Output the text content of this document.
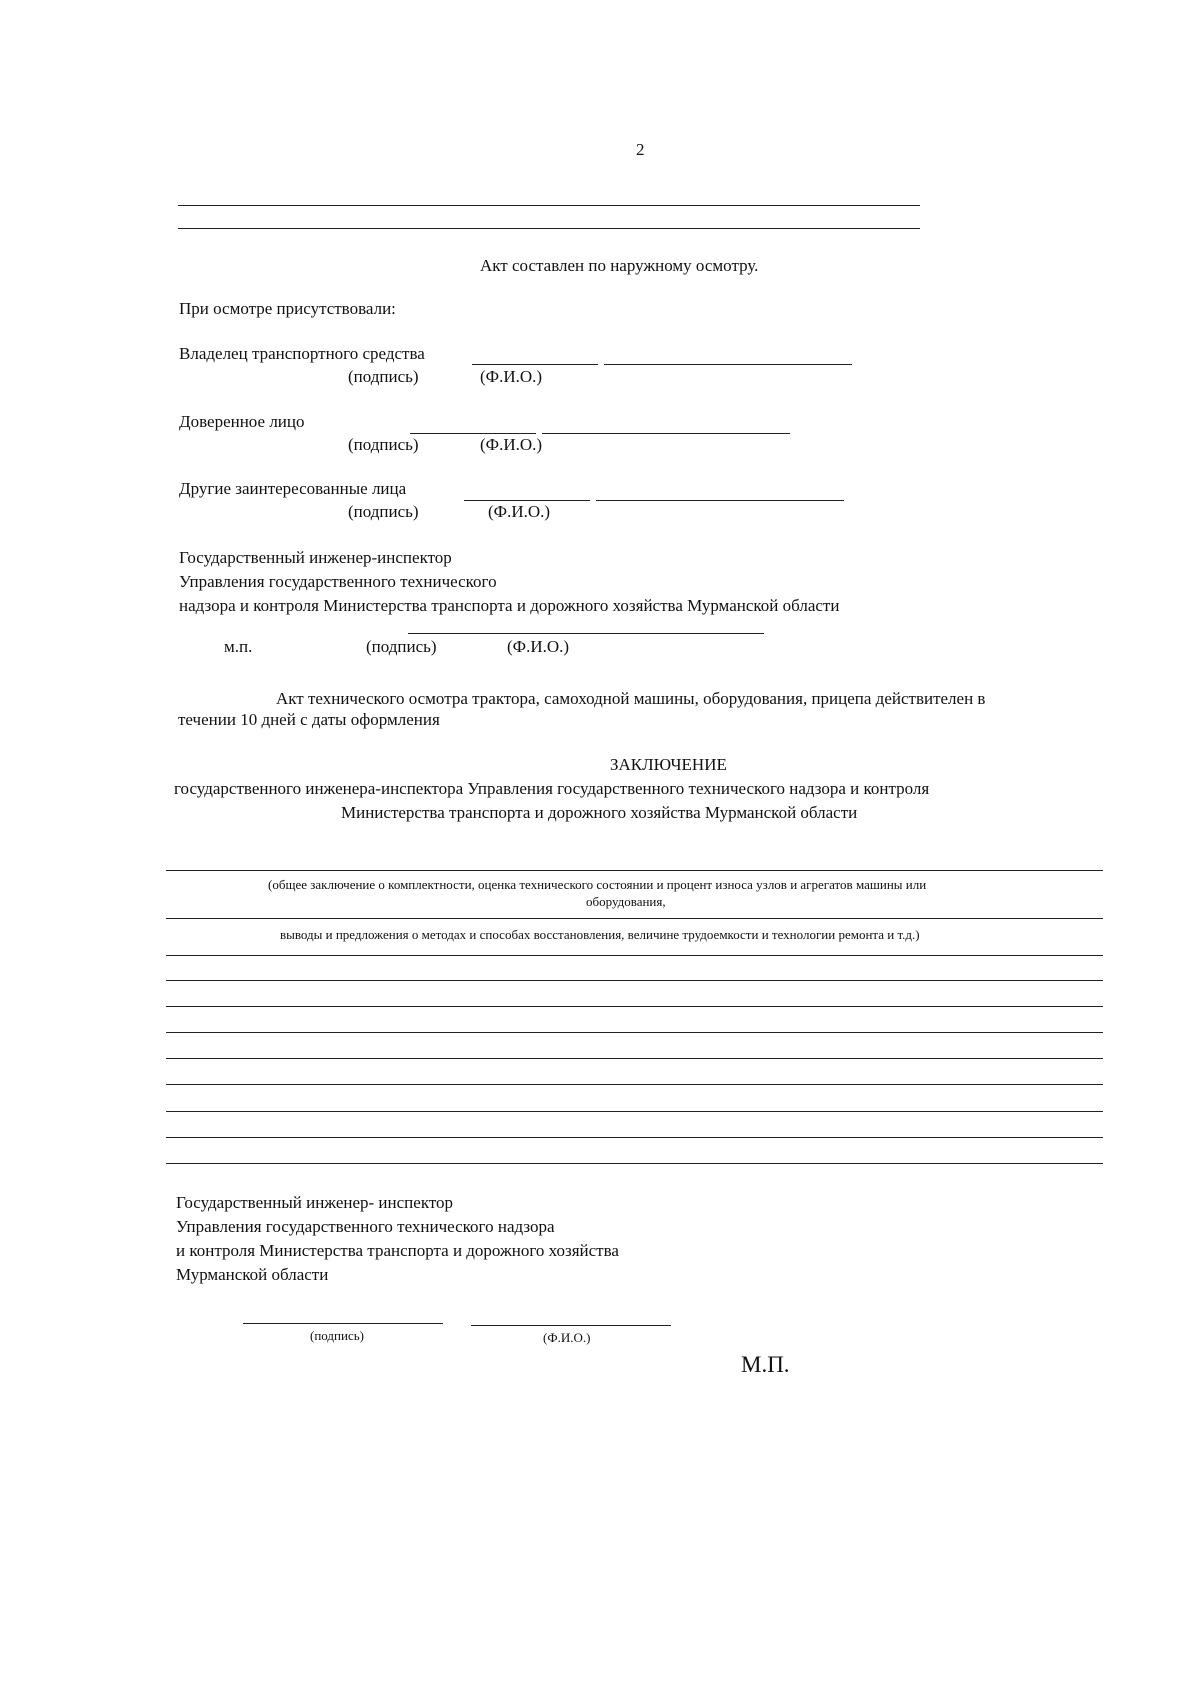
2
Акт составлен по наружному осмотру.
При осмотре присутствовали:
Владелец транспортного средства
(подпись)	(Ф.И.О.)
Доверенное лицо
(подпись)	(Ф.И.О.)
Другие заинтересованные лица
(подпись)	(Ф.И.О.)
Государственный инженер-инспектор
Управления государственного технического
надзора и контроля Министерства транспорта и дорожного хозяйства Мурманской области
м.п.	(подпись)	(Ф.И.О.)
Акт технического осмотра трактора, самоходной машины, оборудования, прицепа действителен в
течении 10 дней с даты оформления
ЗАКЛЮЧЕНИЕ
государственного инженера-инспектора Управления государственного технического надзора и контроля
Министерства транспорта и дорожного хозяйства Мурманской области
(общее заключение о комплектности, оценка технического состоянии и процент износа узлов и агрегатов машины или
оборудования,
выводы и предложения о методах и способах восстановления, величине трудоемкости и технологии ремонта и т.д.)
Государственный инженер- инспектор
Управления государственного технического надзора
и контроля Министерства транспорта и дорожного хозяйства
Мурманской области
(подпись)	(Ф.И.О.)
М.П.
